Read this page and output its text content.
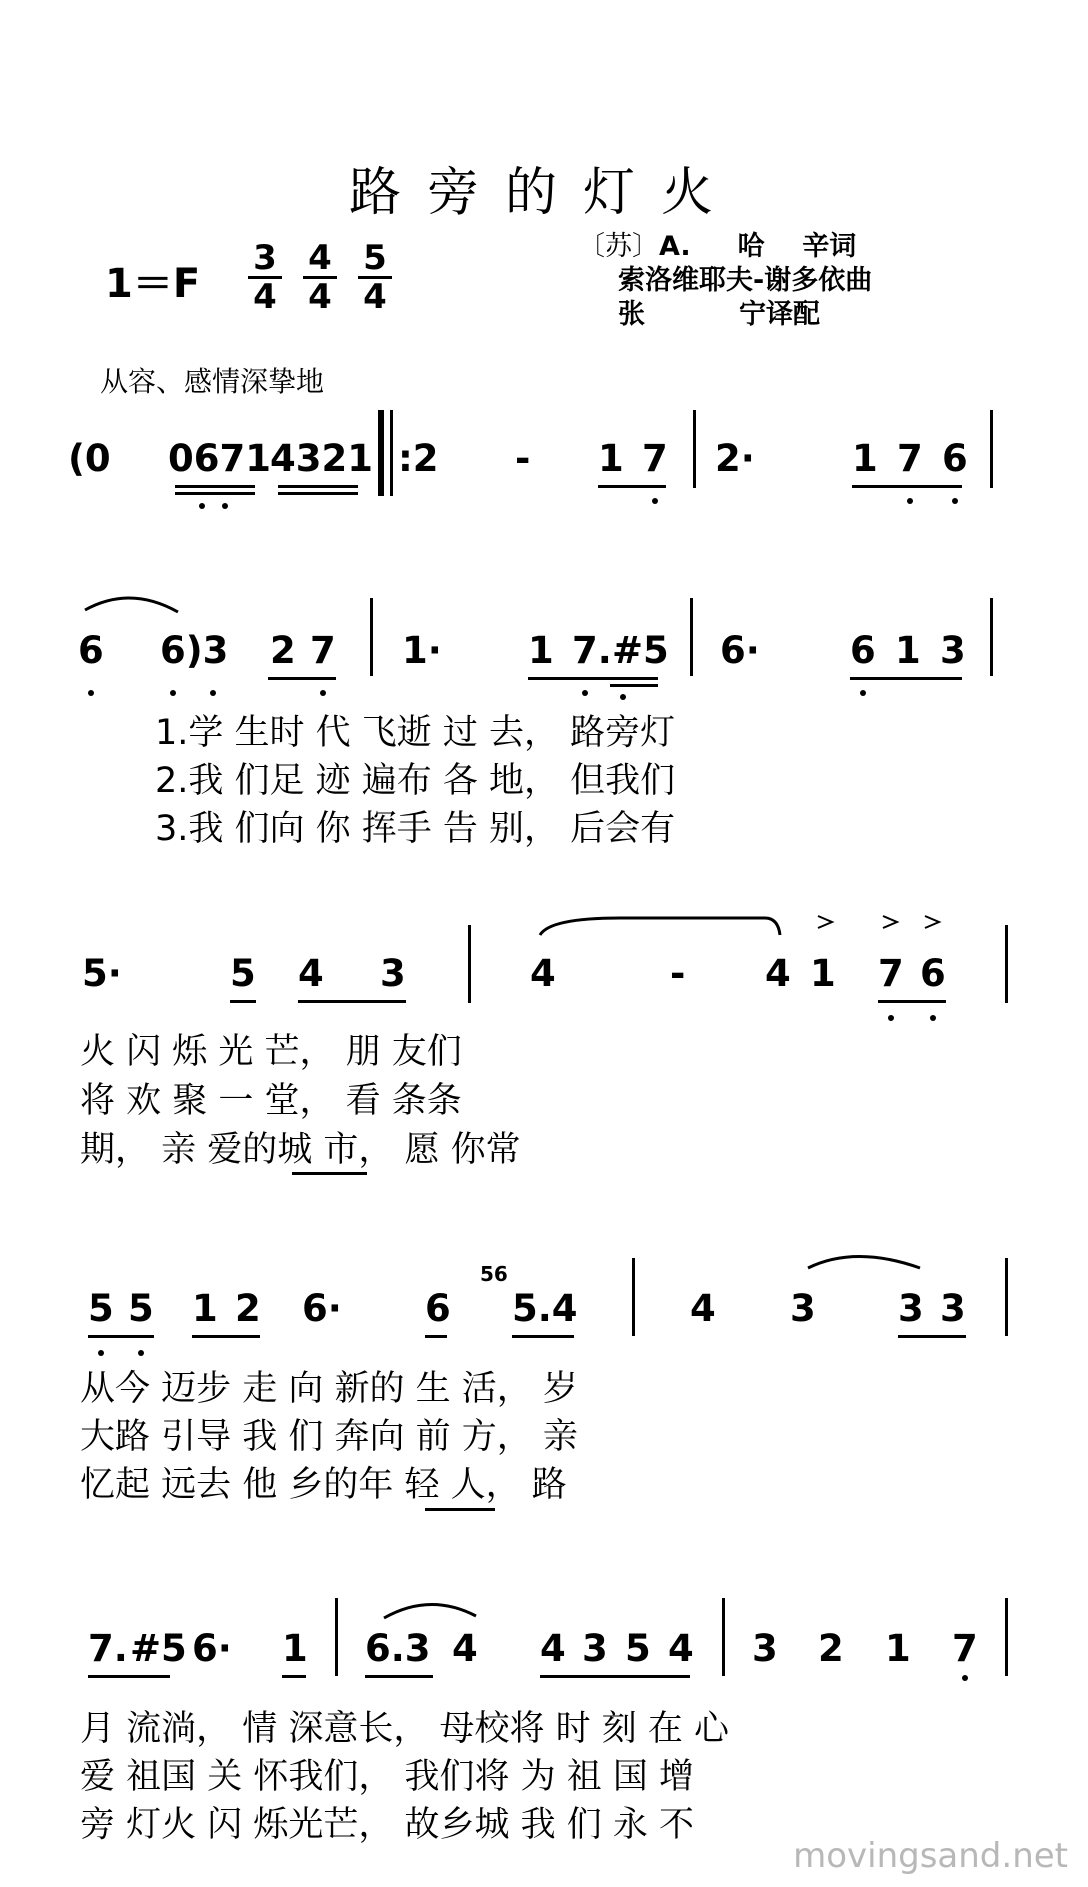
路旁的灯火
$1=F \frac{3}{4} \frac{4}{4} \frac{5}{4}$	〔苏〕A.     哈    辛词
索洛维耶夫-谢多依曲
张          宁译配
从容、感情深挚地
(0 0671 4321 :2 - 1 7 2·	1 7 6
6 6)3 2 7 1· 1 7. #5 6· 6 1 3
1.学 生时 代 飞逝 过 去， 路旁灯
2.我 们足 迹 遍布 各 地， 但我们
3.我 们向 你 挥手 告 别， 后会有
5·	5 4 3	4	- 4 1 7 6
火 闪 烁 光 芒， 朋 友们
将 欢 聚 一 堂， 看 条条
期， 亲 爱的城 市， 愿 你常
5 5 1 2 6· 6
56
5.4	4 3 3 3
从今 迈步 走 向 新的 生 活， 岁
大路 引导 我 们 奔向 前 方， 亲
忆起 远去 他 乡的年 轻 人， 路
7. #5 6· 1 6.3 4 4 3 5 4 3 2 1 7
月 流淌， 情 深意长， 母校将 时 刻 在 心
爱 祖国 关 怀我们， 我们将 为 祖 国 增
旁 灯火 闪 烁光芒， 故乡城 我 们 永 不
movingsand.net
